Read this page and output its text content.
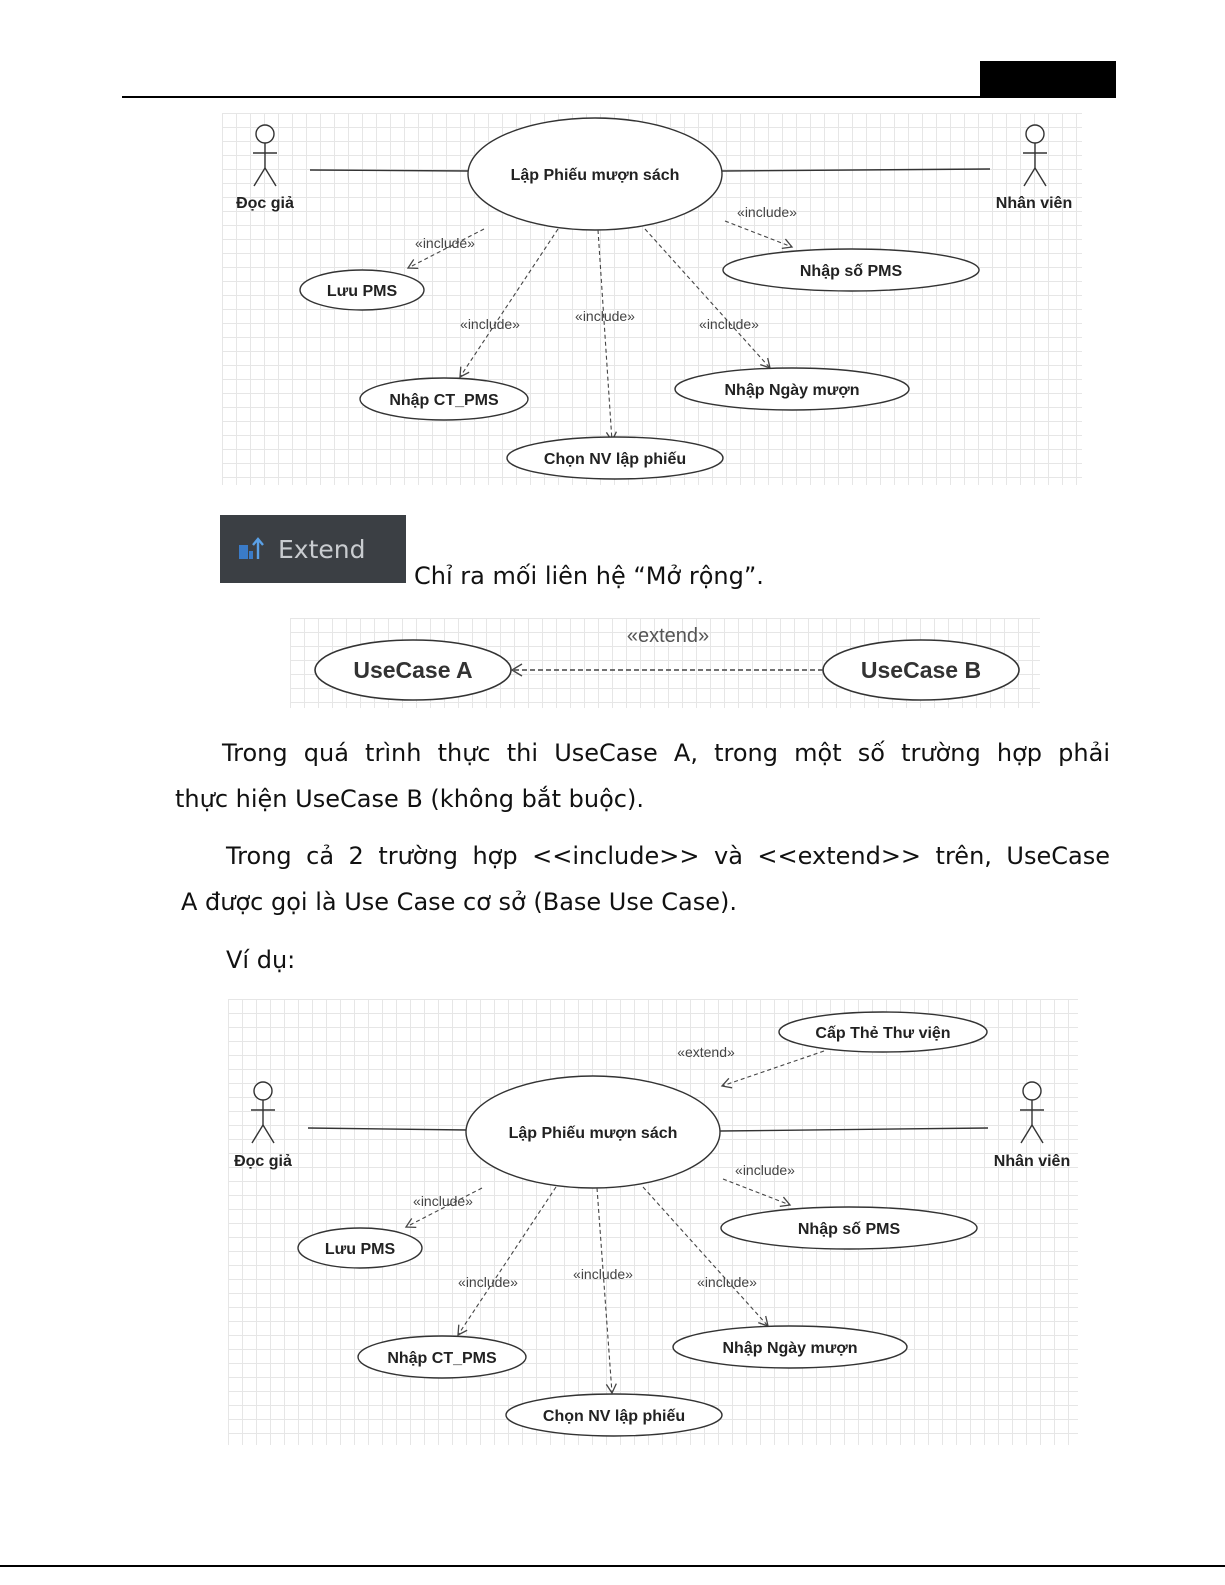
Đọc giả	Nhân viên
Lập Phiếu mượn sách
«include»
«include»
«include»	«include»	«include»
Lưu PMS
Nhập số PMS
Nhập CT_PMS
Nhập Ngày mượn
Chọn NV lập phiếu
Extend
Chỉ ra mối liên hệ “Mở rộng”.
UseCase A	UseCase B
«extend»
Trong quá trình thực thi UseCase A, trong một số trường hợp phải
thực hiện UseCase B (không bắt buộc).
Trong cả 2 trường hợp <<include>> và <<extend>> trên, UseCase
A được gọi là Use Case cơ sở (Base Use Case).
Ví dụ:
Đọc giả	Nhân viên
Lập Phiếu mượn sách
Cấp Thẻ Thư viện
«extend»
«include»
«include»
«include»	«include»	«include»
Lưu PMS
Nhập số PMS
Nhập CT_PMS
Nhập Ngày mượn
Chọn NV lập phiếu
